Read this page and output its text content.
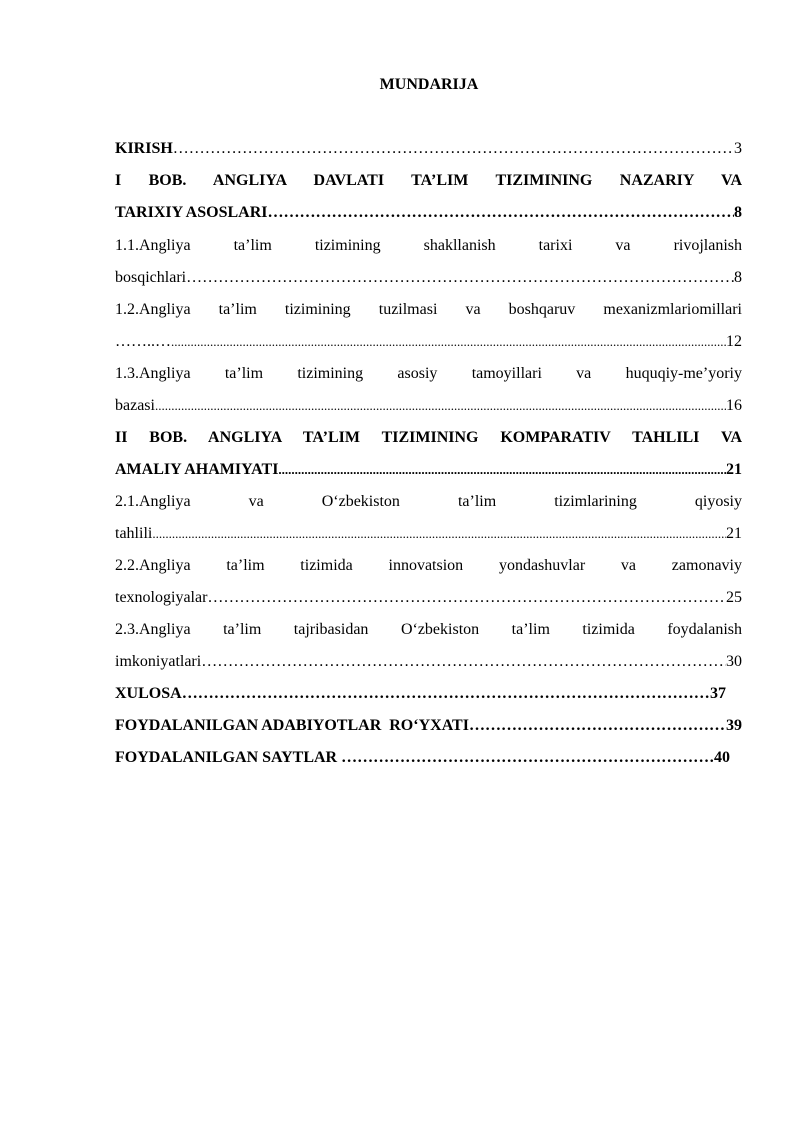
MUNDARIJA
KIRISH …………………………………………………………………………………………………………………………………………………………………………………………………………………………	3
I BOB. ANGLIYA DAVLATI TA’LIM TIZIMINING NAZARIY VA
TARIXIY ASOSLARI …………………………………………………………………………………………………………………………………………………………………………………………………………………………	8
1.1.Angliya ta’lim tizimining shakllanish tarixi va rivojlanish
bosqichlari …………………………………………………………………………………………………………………………………………………………………………………………………………………………	8
1.2.Angliya ta’lim tizimining tuzilmasi va boshqaruv mexanizmlariomillari
……..… .....	12
1.3.Angliya ta’lim tizimining asosiy tamoyillari va huquqiy-me’yoriy
bazasi .....	16
II BOB. ANGLIYA TA’LIM TIZIMINING KOMPARATIV TAHLILI VA
AMALIY AHAMIYATI .....	21
2.1.Angliya va O‘zbekiston ta’lim tizimlarining qiyosiy
tahlili .....	21
2.2.Angliya ta’lim tizimida innovatsion yondashuvlar va zamonaviy
texnologiyalar …………………………………………………………………………………………………………………………………………………………………………………………………………………………	25
2.3.Angliya ta’lim tajribasidan O‘zbekiston ta’lim tizimida foydalanish
imkoniyatlari …………………………………………………………………………………………………………………………………………………………………………………………………………………………	30
XULOSA …………………………………………………………………………………………………………………………………………………………………………………………………………………………	37
FOYDALANILGAN ADABIYOTLAR  RO‘YXATI …………………………………………………………………………………………………………………………………………………………………………………………………………………………	39
FOYDALANILGAN SAYTLAR …………………………………………………………………………………………………………………………………………………………………………………………………………………………	40
